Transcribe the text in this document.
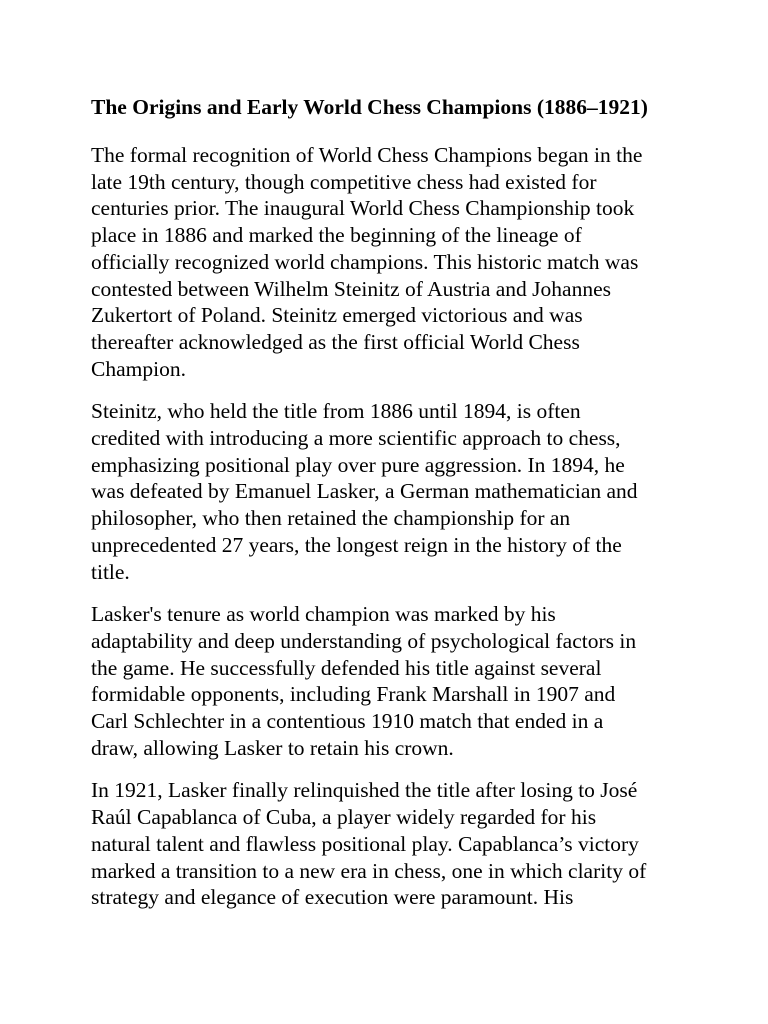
The Origins and Early World Chess Champions (1886–1921)

The formal recognition of World Chess Champions began in the
late 19th century, though competitive chess had existed for
centuries prior. The inaugural World Chess Championship took
place in 1886 and marked the beginning of the lineage of
officially recognized world champions. This historic match was
contested between Wilhelm Steinitz of Austria and Johannes
Zukertort of Poland. Steinitz emerged victorious and was
thereafter acknowledged as the first official World Chess
Champion.

Steinitz, who held the title from 1886 until 1894, is often
credited with introducing a more scientific approach to chess,
emphasizing positional play over pure aggression. In 1894, he
was defeated by Emanuel Lasker, a German mathematician and
philosopher, who then retained the championship for an
unprecedented 27 years, the longest reign in the history of the
title.

Lasker's tenure as world champion was marked by his
adaptability and deep understanding of psychological factors in
the game. He successfully defended his title against several
formidable opponents, including Frank Marshall in 1907 and
Carl Schlechter in a contentious 1910 match that ended in a
draw, allowing Lasker to retain his crown.

In 1921, Lasker finally relinquished the title after losing to José
Raúl Capablanca of Cuba, a player widely regarded for his
natural talent and flawless positional play. Capablanca’s victory
marked a transition to a new era in chess, one in which clarity of
strategy and elegance of execution were paramount. His
